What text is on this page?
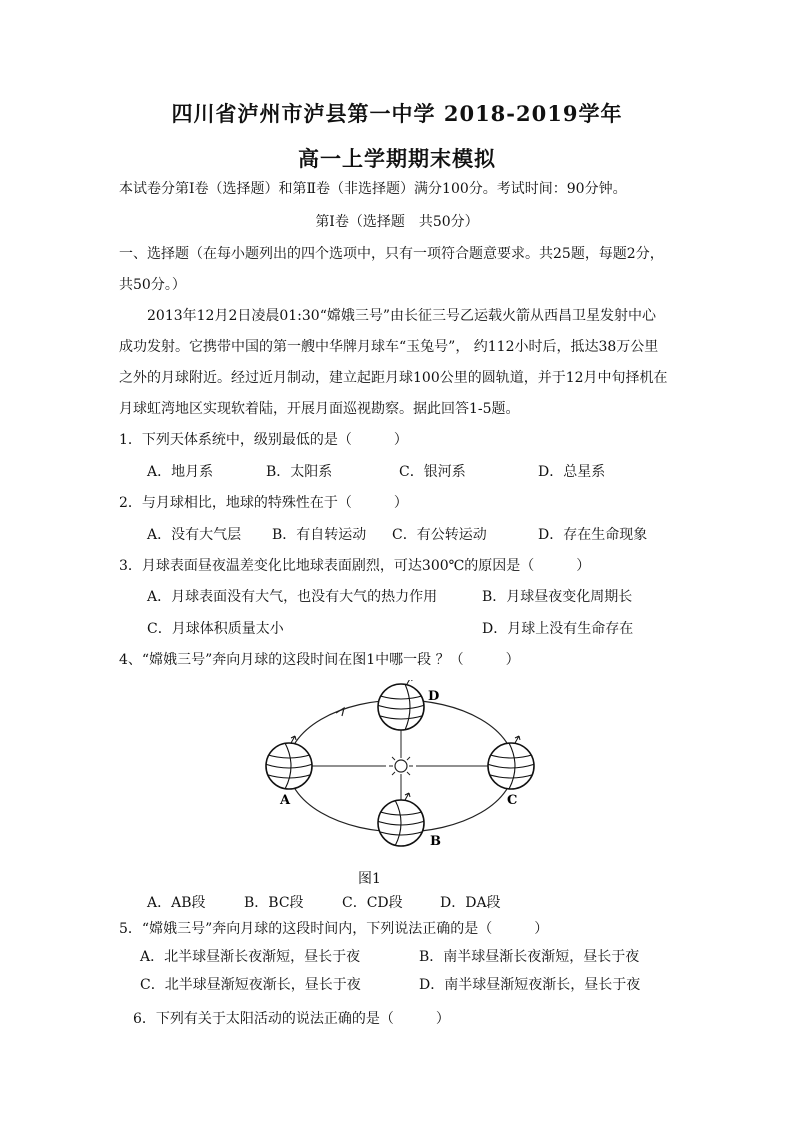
四川省泸州市泸县第一中学 2018-2019学年
高一上学期期末模拟
本试卷分第Ⅰ卷（选择题）和第Ⅱ卷（非选择题）满分100分。考试时间：90分钟。
第Ⅰ卷（选择题　共50分）
一、选择题（在每小题列出的四个选项中，只有一项符合题意要求。共25题，每题2分，
共50分。）
2013年12月2日凌晨01:30“嫦娥三号”由长征三号乙运载火箭从西昌卫星发射中心
成功发射。它携带中国的第一艘中华牌月球车“玉兔号”， 约112小时后，抵达38万公里
之外的月球附近。经过近月制动，建立起距月球100公里的圆轨道，并于12月中旬择机在
月球虹湾地区实现软着陆，开展月面巡视勘察。据此回答1-5题。
1．下列天体系统中，级别最低的是（　　　）
A．地月系	B．太阳系	C．银河系	D．总星系
2．与月球相比，地球的特殊性在于（　　　）
A．没有大气层 B．有自转运动 C．有公转运动	D．存在生命现象
3．月球表面昼夜温差变化比地球表面剧烈，可达300℃的原因是（　　　）
A．月球表面没有大气，也没有大气的热力作用	B．月球昼夜变化周期长
C．月球体积质量太小	D．月球上没有生命存在
4、“嫦娥三号”奔向月球的这段时间在图1中哪一段 ？（　　　）
A
B
C
D
图1
A．AB段	B．BC段	C．CD段	D．DA段
5．“嫦娥三号”奔向月球的这段时间内，下列说法正确的是（　　　）
A．北半球昼渐长夜渐短，昼长于夜	B．南半球昼渐长夜渐短，昼长于夜
C．北半球昼渐短夜渐长，昼长于夜	D．南半球昼渐短夜渐长，昼长于夜
6．下列有关于太阳活动的说法正确的是（　　　）
